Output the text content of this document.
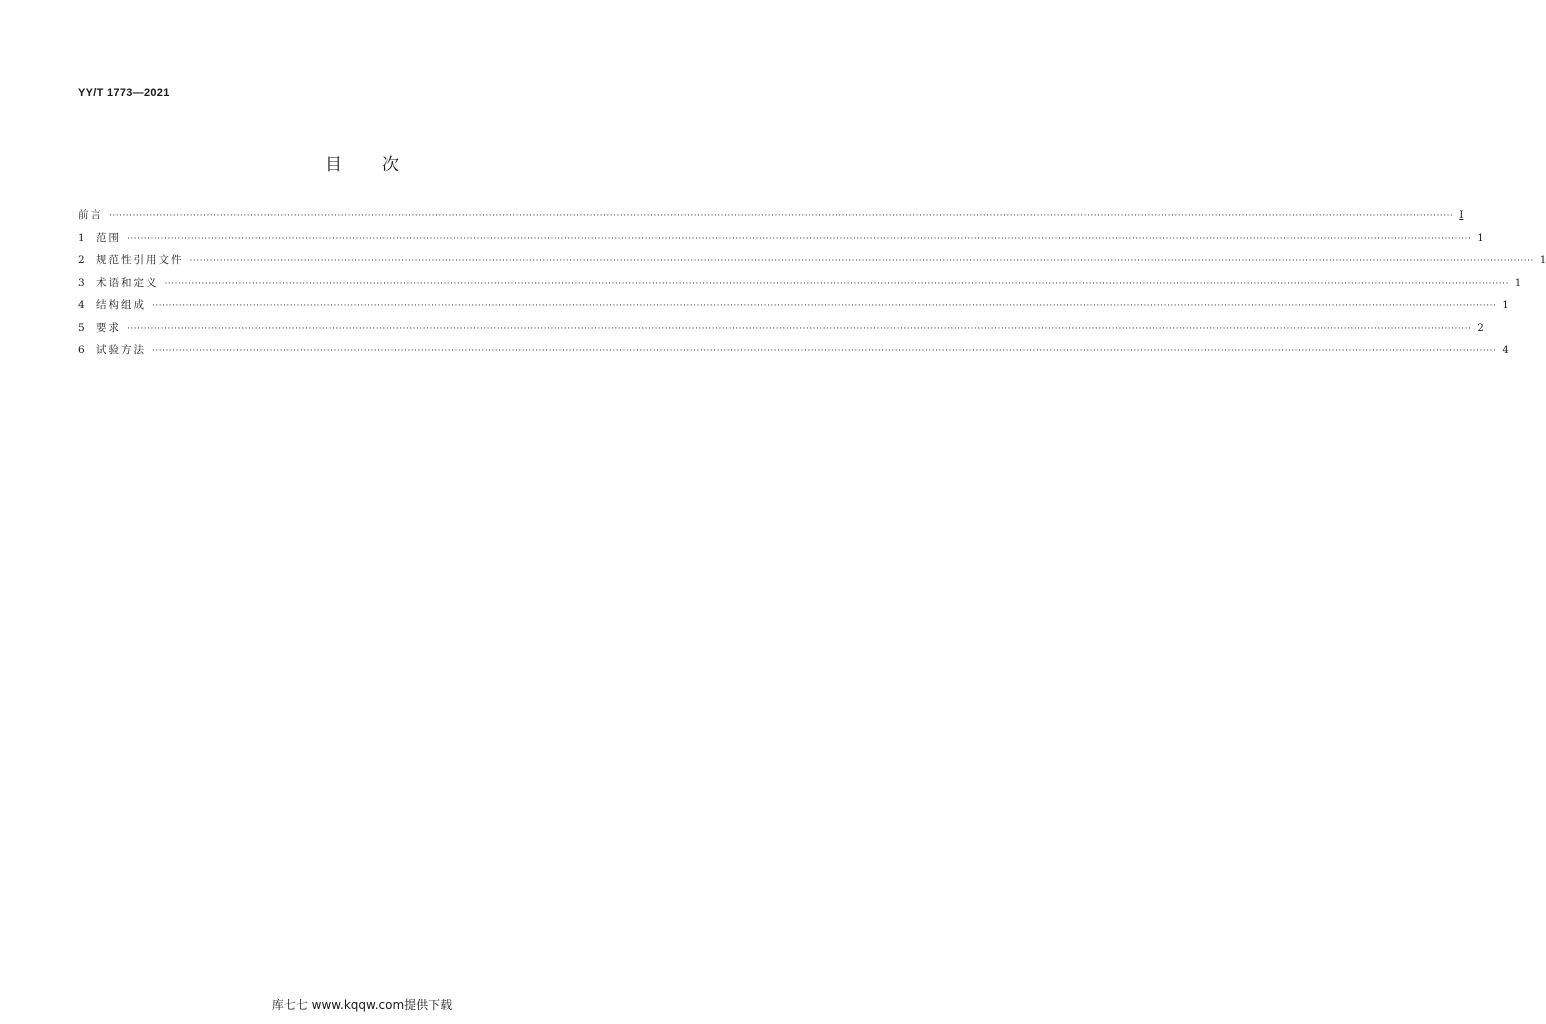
YY/T 1773—2021
目 次
前言 ················································································································································································································································································································································································································ I
1	范围 ················································································································································································································································································································································································································ 1
2	规范性引用文件 ················································································································································································································································································································································································································ 1
3	术语和定义 ················································································································································································································································································································································································································ 1
4	结构组成 ················································································································································································································································································································································································································ 1
5	要求 ················································································································································································································································································································································································································ 2
6	试验方法 ················································································································································································································································································································································································································ 4
库七七 www.kqqw.com提供下载
